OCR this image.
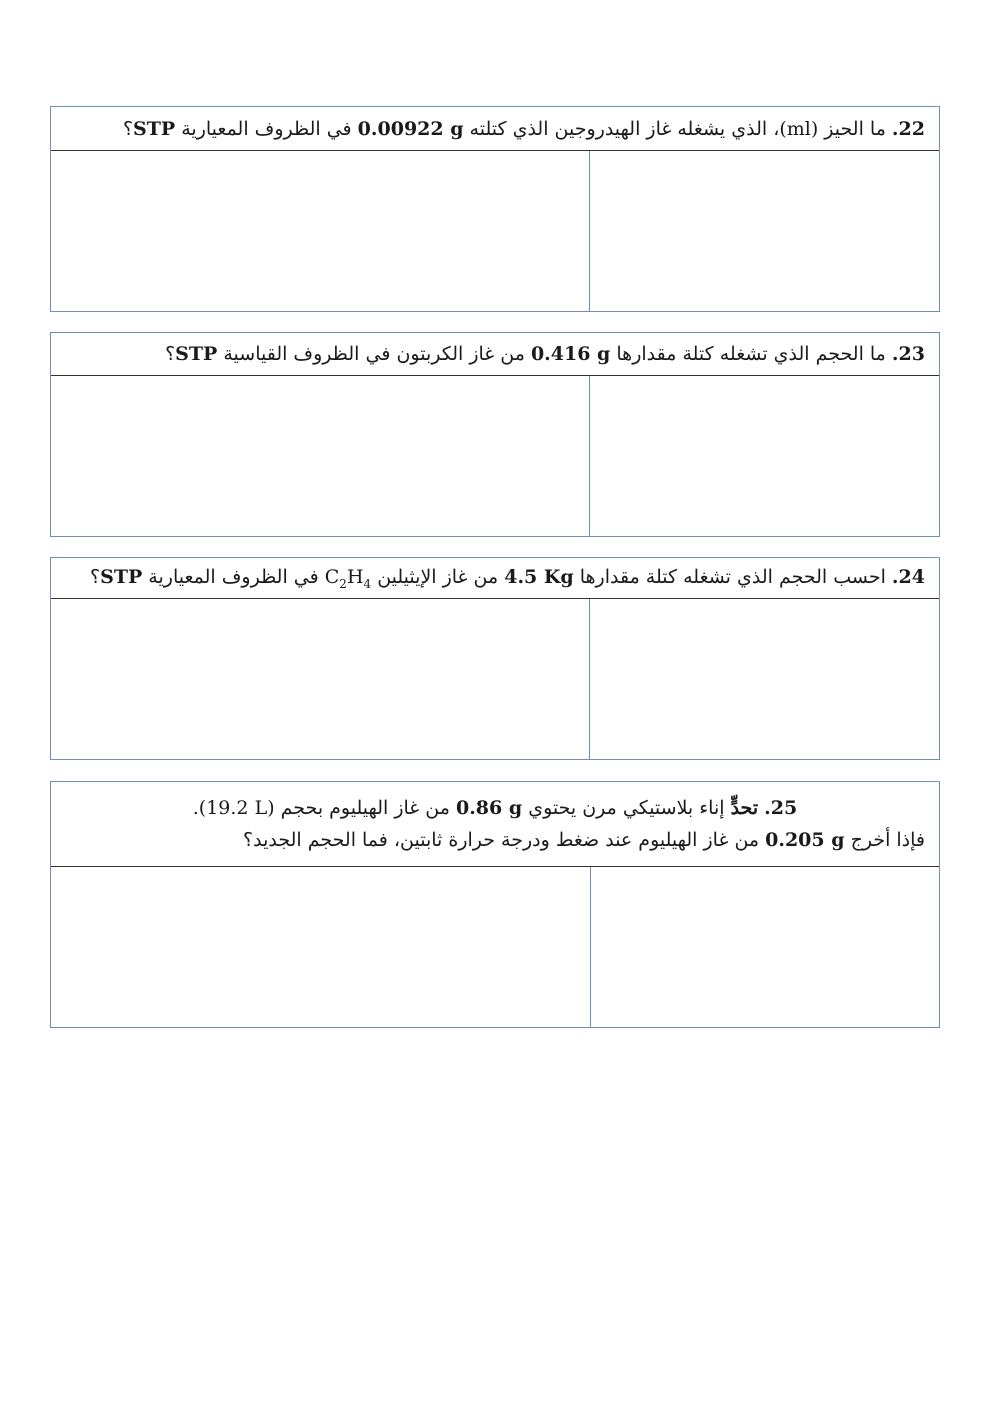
22. ما الحيز (ml)، الذي يشغله غاز الهيدروجين الذي كتلته 0.00922 g في الظروف المعيارية STP؟
23. ما الحجم الذي تشغله كتلة مقدارها 0.416 g من غاز الكربتون في الظروف القياسية STP؟
24. احسب الحجم الذي تشغله كتلة مقدارها 4.5 Kg من غاز الإيثيلين $C_2H_4$ في الظروف المعيارية STP؟
25. تحدٍّ إناء بلاستيكي مرن يحتوي 0.86 g من غاز الهيليوم بحجم (19.2 L).
فإذا أخرج 0.205 g من غاز الهيليوم عند ضغط ودرجة حرارة ثابتين، فما الحجم الجديد؟
